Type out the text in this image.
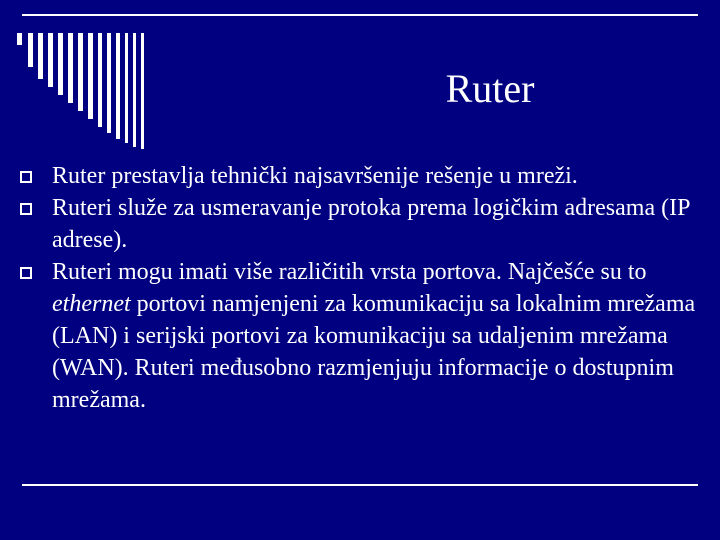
Ruter
Ruter prestavlja tehnički najsavršenije rešenje u mreži.
Ruteri služe za usmeravanje protoka prema logičkim adresama (IP adrese).
Ruteri mogu imati više različitih vrsta portova. Najčešće su to ethernet portovi namjenjeni za komunikaciju sa lokalnim mrežama (LAN) i serijski portovi za komunikaciju sa udaljenim mrežama (WAN). Ruteri međusobno razmjenjuju informacije o dostupnim mrežama.
